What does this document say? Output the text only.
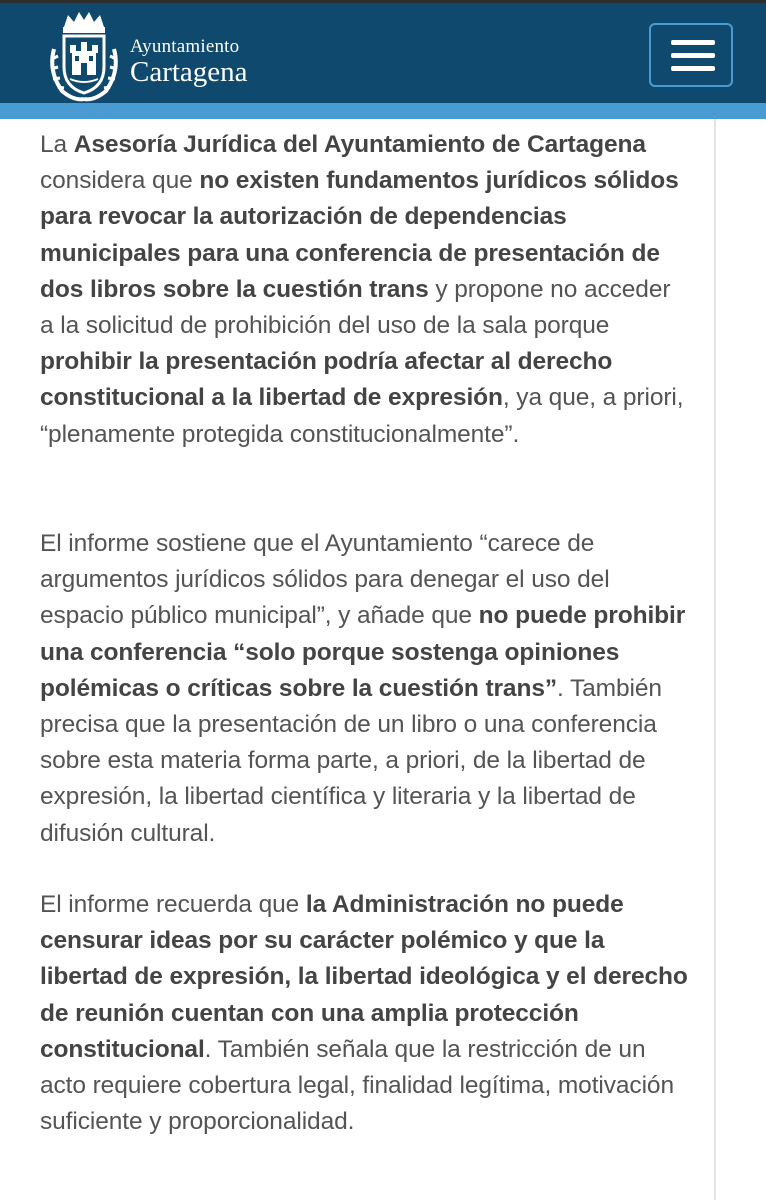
Ayuntamiento
Cartagena

La Asesoría Jurídica del Ayuntamiento de Cartagena considera que no existen fundamentos jurídicos sólidos para revocar la autorización de dependencias municipales para una conferencia de presentación de dos libros sobre la cuestión trans y propone no acceder a la solicitud de prohibición del uso de la sala porque prohibir la presentación podría afectar al derecho constitucional a la libertad de expresión, ya que, a priori, “plenamente protegida constitucionalmente”.

El informe sostiene que el Ayuntamiento “carece de argumentos jurídicos sólidos para denegar el uso del espacio público municipal”, y añade que no puede prohibir una conferencia “solo porque sostenga opiniones polémicas o críticas sobre la cuestión trans”. También precisa que la presentación de un libro o una conferencia sobre esta materia forma parte, a priori, de la libertad de expresión, la libertad científica y literaria y la libertad de difusión cultural.

El informe recuerda que la Administración no puede censurar ideas por su carácter polémico y que la libertad de expresión, la libertad ideológica y el derecho de reunión cuentan con una amplia protección constitucional. También señala que la restricción de un acto requiere cobertura legal, finalidad legítima, motivación suficiente y proporcionalidad.
